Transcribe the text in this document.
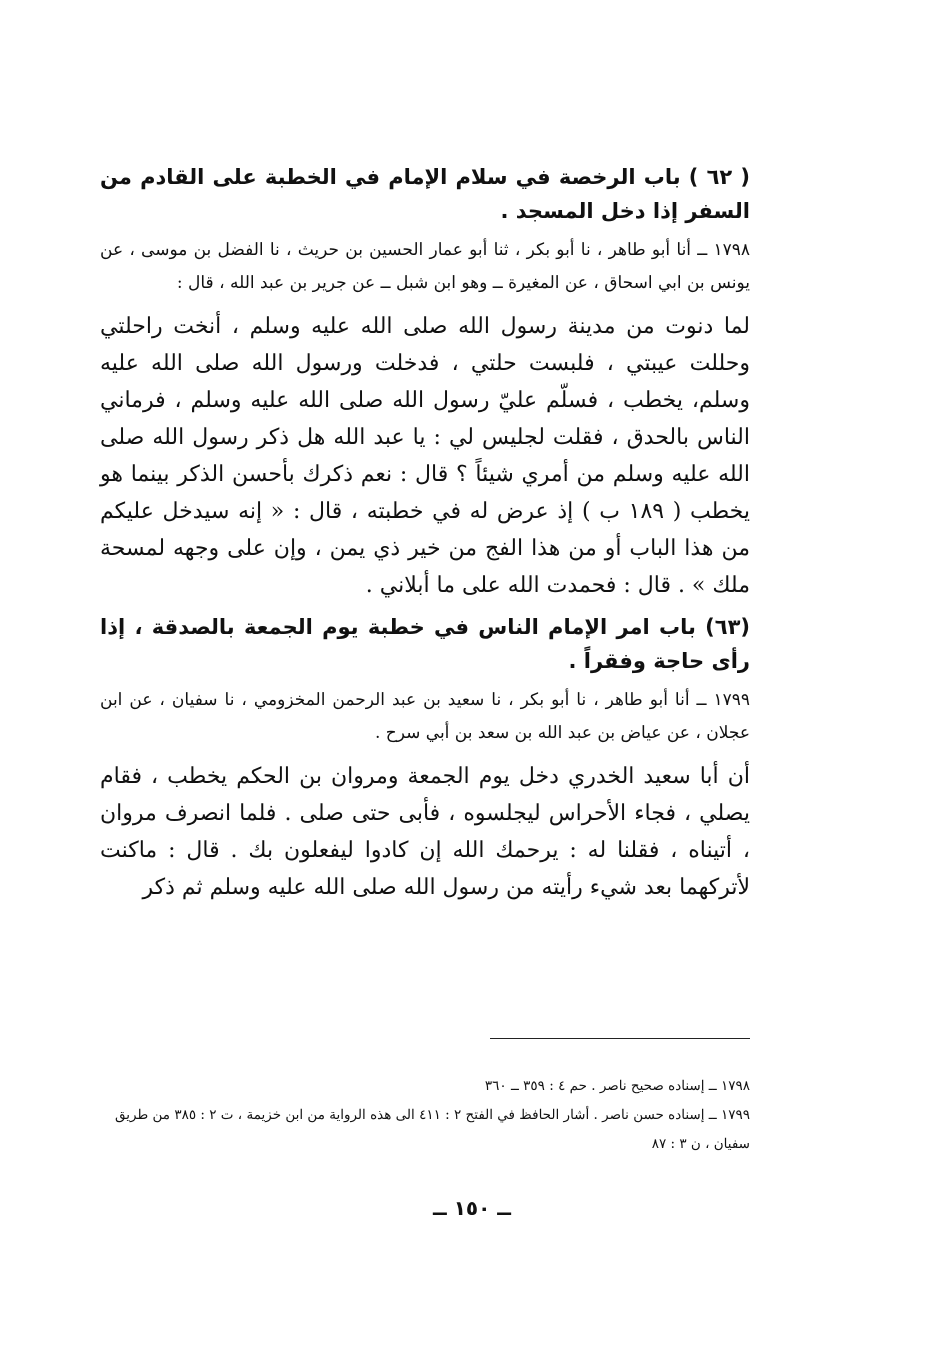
( ٦٢ ) باب الرخصة في سلام الإمام في الخطبة على القادم من السفر إذا دخل المسجد .

١٧٩٨ ــ أنا أبو طاهر ، نا أبو بكر ، ثنا أبو عمار الحسين بن حريث ، نا الفضل بن موسى ، عن يونس بن ابي اسحاق ، عن المغيرة ــ وهو ابن شبل ــ عن جرير بن عبد الله ، قال :

لما دنوت من مدينة رسول الله صلى الله عليه وسلم ، أنخت راحلتي وحللت عيبتي ، فلبست حلتي ، فدخلت ورسول الله صلى الله عليه وسلم، يخطب ، فسلّم عليّ رسول الله صلى الله عليه وسلم ، فرماني الناس بالحدق ، فقلت لجليس لي : يا عبد الله هل ذكر رسول الله صلى الله عليه وسلم من أمري شيئاً ؟ قال : نعم ذكرك بأحسن الذكر بينما هو يخطب ( ١٨٩ ب ) إذ عرض له في خطبته ، قال : « إنه سيدخل عليكم من هذا الباب أو من هذا الفج من خير ذي يمن ، وإن على وجهه لمسحة ملك » . قال : فحمدت الله على ما أبلاني .

(٦٣) باب امر الإمام الناس في خطبة يوم الجمعة بالصدقة ، إذا رأى حاجة وفقراً .

١٧٩٩ ــ أنا أبو طاهر ، نا أبو بكر ، نا سعيد بن عبد الرحمن المخزومي ، نا سفيان ، عن ابن عجلان ، عن عياض بن عبد الله بن سعد بن أبي سرح .

أن أبا سعيد الخدري دخل يوم الجمعة ومروان بن الحكم يخطب ، فقام يصلي ، فجاء الأحراس ليجلسوه ، فأبى حتى صلى . فلما انصرف مروان ، أتيناه ، فقلنا له : يرحمك الله إن كادوا ليفعلون بك . قال : ماكنت لأتركهما بعد شيء رأيته من رسول الله صلى الله عليه وسلم ثم ذكر

١٧٩٨ ــ إسناده صحيح ناصر . حم ٤ : ٣٥٩ ــ ٣٦٠

١٧٩٩ ــ إسناده حسن ناصر . أشار الحافظ في الفتح ٢ : ٤١١ الى هذه الرواية من ابن خزيمة ، ت ٢ : ٣٨٥ من طريق سفيان ، ن ٣ : ٨٧

ــ ١٥٠ ــ
